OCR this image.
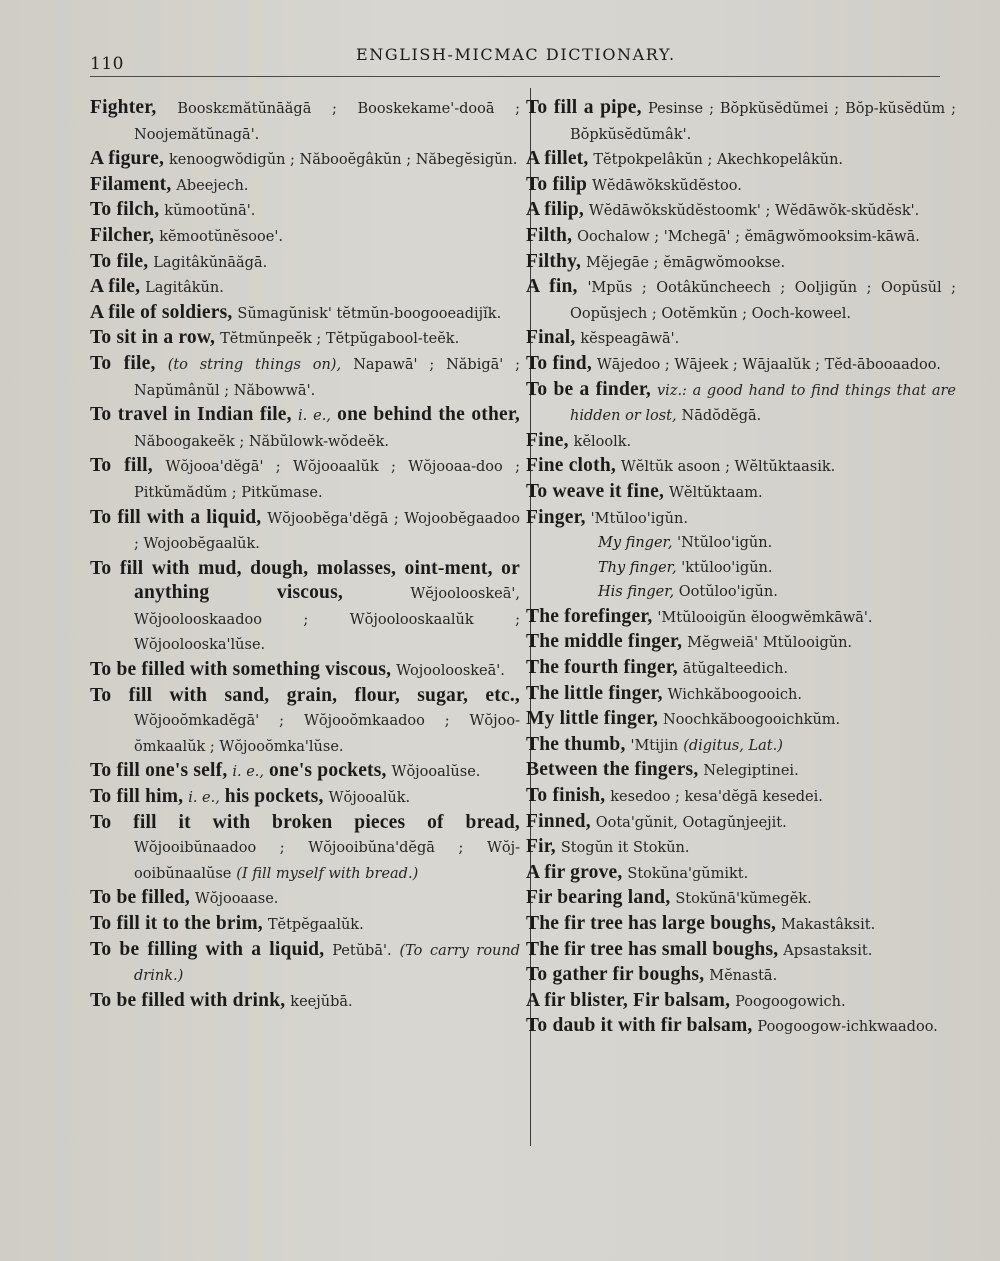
110	ENGLISH-MICMAC DICTIONARY.

Fighter, Booskɛmătŭnāăgā ; Booskekame'-dooā ; Noojemătŭnagā'.

A figure, kenoogwŏdigŭn ; Năbooĕgâkŭn ; Năbegĕsigŭn.

Filament, Abeejech.

To filch, kŭmootŭnā'.

Filcher, kĕmootŭnĕsooe'.

To file, Lagitâkŭnāăgā.

A file, Lagitâkŭn.

A file of soldiers, Sŭmagŭnisk' tĕtmŭn-boogooeadijĭk.

To sit in a row, Tĕtmŭnpeĕk ; Tĕtpŭgabool-teĕk.

To file, (to string things on), Napawā' ; Năbigā' ; Napŭmânŭl ; Năbowwā'.

To travel in Indian file, i. e., one behind the other, Năboogakeĕk ; Năbŭlowk-wŏdeĕk.

To fill, Wŏjooa'dĕgā' ; Wŏjooaalŭk ; Wŏjooaa-doo ; Pitkŭmădŭm ; Pitkŭmase.

To fill with a liquid, Wŏjoobĕga'dĕgā ; Wojoobĕgaadoo ; Wojoobĕgaalŭk.

To fill with mud, dough, molasses, oint-ment, or anything viscous,	Wĕjoolooskeā', Wŏjoolooskaadoo ; Wŏjoolooskaalŭk ; Wŏjoolooska'lŭse.

To be filled with something viscous, Wojoolooskeā'.

To fill with sand, grain, flour, sugar, etc., Wŏjooŏmkadĕgā' ; Wŏjooŏmkaadoo ; Wŏjoo-ŏmkaalŭk ; Wŏjooŏmka'lŭse.

To fill one's self, i. e., one's pockets, Wŏjooalŭse.

To fill him, i. e., his pockets, Wŏjooalŭk.

To fill it with broken pieces of bread, Wŏjooibŭnaadoo ; Wŏjooibŭna'dĕgā ; Wŏj-ooibŭnaalŭse (I fill myself with bread.)

To be filled, Wŏjooaase.

To fill it to the brim, Tĕtpĕgaalŭk.

To be filling with a liquid, Petŭbā'. (To carry round drink.)

To be filled with drink, keejŭbā.

To fill a pipe, Pesinse ; Bŏpkŭsĕdŭmei ; Bŏp-kŭsĕdŭm ; Bŏpkŭsĕdŭmâk'.

A fillet, Tĕtpokpelâkŭn ; Akechkopelâkŭn.

To filip Wĕdāwŏkskŭdĕstoo.

A filip, Wĕdāwŏkskŭdĕstoomk' ; Wĕdāwŏk-skŭdĕsk'.

Filth, Oochalow ; 'Mchegā' ; ĕmāgwŏmooksim-kāwā.

Filthy, Mĕjegāe ; ĕmāgwŏmookse.

A fin, 'Mpŭs ; Ootâkŭncheech ; Ooljigŭn ; Oopŭsŭl ; Oopŭsjech ; Ootĕmkŭn ; Ooch-koweel.

Final, kĕspeagāwā'.

To find, Wājedoo ; Wājeek ; Wājaalŭk ; Tĕd-ābooaadoo.

To be a finder, viz.: a good hand to find things that are hidden or lost, Nādŏdĕgā.

Fine, kĕloolk.

Fine cloth, Wĕltŭk asoon ; Wĕltŭktaasik.

To weave it fine, Wĕltŭktaam.

Finger, 'Mtŭloo'igŭn.

My finger, 'Ntŭloo'igŭn.

Thy finger, 'ktŭloo'igŭn.

His finger, Ootŭloo'igŭn.

The forefinger, 'Mtŭlooigŭn ĕloogwĕmkāwā'.

The middle finger, Mĕgweiā' Mtŭlooigŭn.

The fourth finger, ātŭgalteedich.

The little finger, Wichkăboogooich.

My little finger, Noochkăboogooichkŭm.

The thumb, 'Mtijin (digitus, Lat.)

Between the fingers, Nelegiptinei.

To finish, kesedoo ; kesa'dĕgā kesedei.

Finned, Oota'gŭnit, Ootagŭnjeejit.

Fir, Stogŭn it Stokŭn.

A fir grove, Stokŭna'gŭmikt.

Fir bearing land, Stokŭnā'kŭmegĕk.

The fir tree has large boughs, Makastâksit.

The fir tree has small boughs, Apsastaksit.

To gather fir boughs, Mĕnastā.

A fir blister, Fir balsam, Poogoogowich.

To daub it with fir balsam, Poogoogow-ichkwaadoo.
